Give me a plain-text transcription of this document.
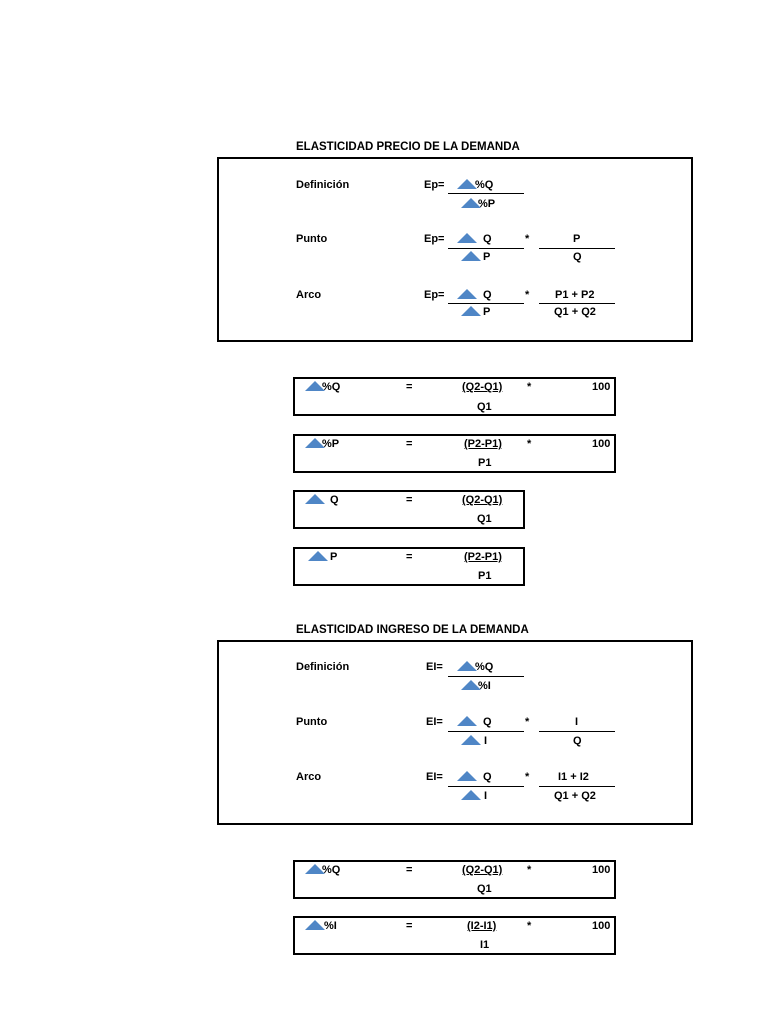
ELASTICIDAD PRECIO DE LA DEMANDA
Definición	Ep=	%Q
%P
Punto	Ep=	Q
P
*	P
Q
Arco	Ep=	Q
P
* P1 + P2
Q1 + Q2
%Q	=	(Q2-Q1) *	100
Q1
%P	=	(P2-P1) *	100
P1
Q	=	(Q2-Q1)
Q1
P	=	(P2-P1)
P1
ELASTICIDAD INGRESO DE LA DEMANDA
Definición	EI=	%Q
%I
Punto	EI=	Q
I
*	I
Q
Arco	EI=	Q
I
*	I1 + I2
Q1 + Q2
%Q	=	(Q2-Q1) *	100
Q1
%I	=	(I2-I1)	*	100
I1
